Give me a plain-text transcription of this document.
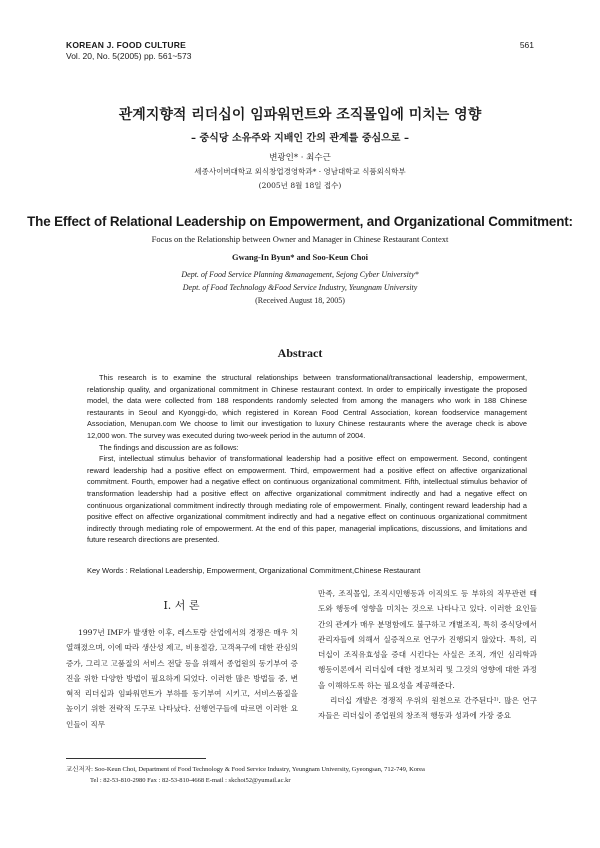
KOREAN J. FOOD CULTURE
Vol. 20, No. 5(2005) pp. 561~573
561
관계지향적 리더십이 임파워먼트와 조직몰입에 미치는 영향
– 중식당 소유주와 지배인 간의 관계를 중심으로 –
변광인* · 최수근
세종사이버대학교 외식창업경영학과* · 영남대학교 식품외식학부
(2005년 8월 18일 접수)
The Effect of Relational Leadership on Empowerment, and Organizational Commitment:
Focus on the Relationship between Owner and Manager in Chinese Restaurant Context
Gwang-In Byun* and Soo-Keun Choi
Dept. of Food Service Planning &management, Sejong Cyber University*
Dept. of Food Technology &Food Service Industry, Yeungnam University
(Received August 18, 2005)
Abstract

This research is to examine the structural relationships between transformational/transactional leadership, empowerment, relationship quality, and organizational commitment in Chinese restaurant context. In order to empirically investigate the proposed model, the data were collected from 188 respondents randomly selected from among the managers who work in 188 Chinese restaurants in Seoul and Kyonggi-do, which registered in Korean Food Central Association, korean foodservice management Association, Menupan.com We choose to limit our investigation to luxury Chinese restaurants where the average check is above 12,000 won. The survey was executed during two-week period in the autumn of 2004.

The findings and discussion are as follows:

First, intellectual stimulus behavior of transformational leadership had a positive effect on empowerment. Second, contingent reward leadership had a positive effect on empowerment. Third, empowerment had a positive effect on affective organizational commitment. Fourth, empower had a negative effect on continuous organizational commitment. Fifth, intellectual stimulus behavior of transformation leadership had a positive effect on affective organizational commitment indirectly and had a negative effect on continuous organizational commitment indirectly through mediating role of empowerment. Finally, contingent reward leadership had a positive effect on affective organizational commitment indirectly and had a negative effect on continuous organizational commitment indirectly through mediating role of empowerment. At the end of this paper, managerial implications, discussions, and limitations and future research directions are presented.

Key Words : Relational Leadership, Empowerment, Organizational Commitment,Chinese Restaurant
I. 서 론

1997년 IMF가 발생한 이후, 레스토랑 산업에서의 경쟁은 매우 치열해졌으며, 이에 따라 생산성 제고, 비용절감, 고객욕구에 대한 관심의 증가, 그리고 고품질의 서비스 전달 등을 위해서 종업원의 동기부여 증진을 위한 다양한 방법이 필요하게 되었다. 이러한 많은 방법들 중, 변혁적 리더십과 임파워먼트가 부하를 동기부여 시키고, 서비스품질을 높이기 위한 전략적 도구로 나타났다. 선행연구들에 따르면 이러한 요인들이 직무

만족, 조직몰입, 조직시민행동과 이직의도 등 부하의 직무관련 태도와 행동에 영향을 미치는 것으로 나타나고 있다. 이러한 요인들 간의 관계가 매우 분명함에도 불구하고 개별조직, 특히 중식당에서 관리자들에 의해서 실증적으로 연구가 진행되지 않았다. 특히, 리더십이 조직유효성을 증대 시킨다는 사실은 조직, 개인 심리학과 행동이론에서 리더십에 대한 정보처리 및 그것의 영향에 대한 과정을 이해하도록 하는 필요성을 제공해준다.

리더십 개발은 경쟁적 우위의 원천으로 간주된다¹⁾. 많은 연구자들은 리더십이 종업원의 창조적 행동과 성과에 가장 중요

교신저자: Soo-Keun Choi, Department of Food Technology & Food Service Industry, Yeungnam University, Gyeongsan, 712-749, Korea
Tel : 82-53-810-2980 Fax : 82-53-810-4668 E-mail : skchoi52@yumail.ac.kr
